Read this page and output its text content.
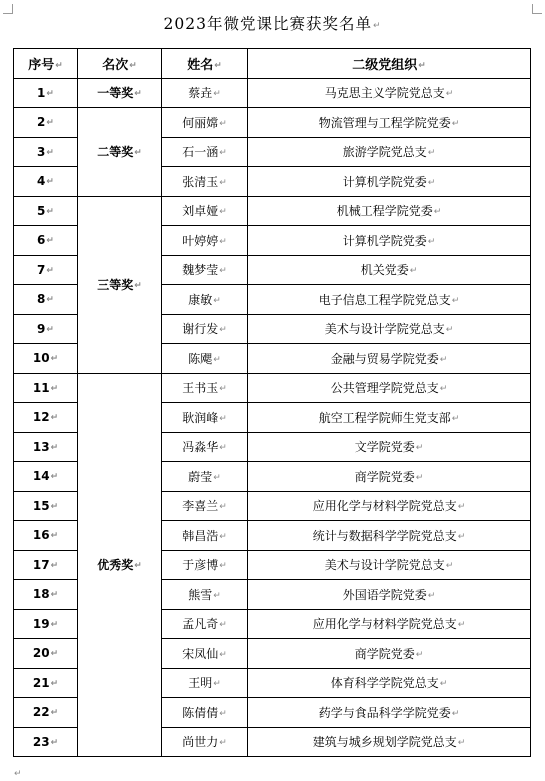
2023年微党课比赛获奖名单↵
序号↵	名次↵	姓名↵	二级党组织↵
1↵	一等奖↵	蔡垚↵	马克思主义学院党总支↵
2↵	二等奖↵	何丽嫦↵	物流管理与工程学院党委↵
3↵		石一涵↵	旅游学院党总支↵
4↵		张清玉↵	计算机学院党委↵
5↵	三等奖↵	刘卓娅↵	机械工程学院党委↵
6↵		叶婷婷↵	计算机学院党委↵
7↵		魏梦莹↵	机关党委↵
8↵		康敏↵	电子信息工程学院党总支↵
9↵		谢行发↵	美术与设计学院党总支↵
10↵		陈飔↵	金融与贸易学院党委↵
11↵	优秀奖↵	王书玉↵	公共管理学院党总支↵
12↵		耿润峰↵	航空工程学院师生党支部↵
13↵		冯淼华↵	文学院党委↵
14↵		蔚莹↵	商学院党委↵
15↵		李喜兰↵	应用化学与材料学院党总支↵
16↵		韩昌浩↵	统计与数据科学学院党总支↵
17↵		于彦博↵	美术与设计学院党总支↵
18↵		熊雪↵	外国语学院党委↵
19↵		孟凡奇↵	应用化学与材料学院党总支↵
20↵		宋凤仙↵	商学院党委↵
21↵		王明↵	体育科学学院党总支↵
22↵		陈倩倩↵	药学与食品科学学院党委↵
23↵		尚世力↵	建筑与城乡规划学院党总支↵
↵
